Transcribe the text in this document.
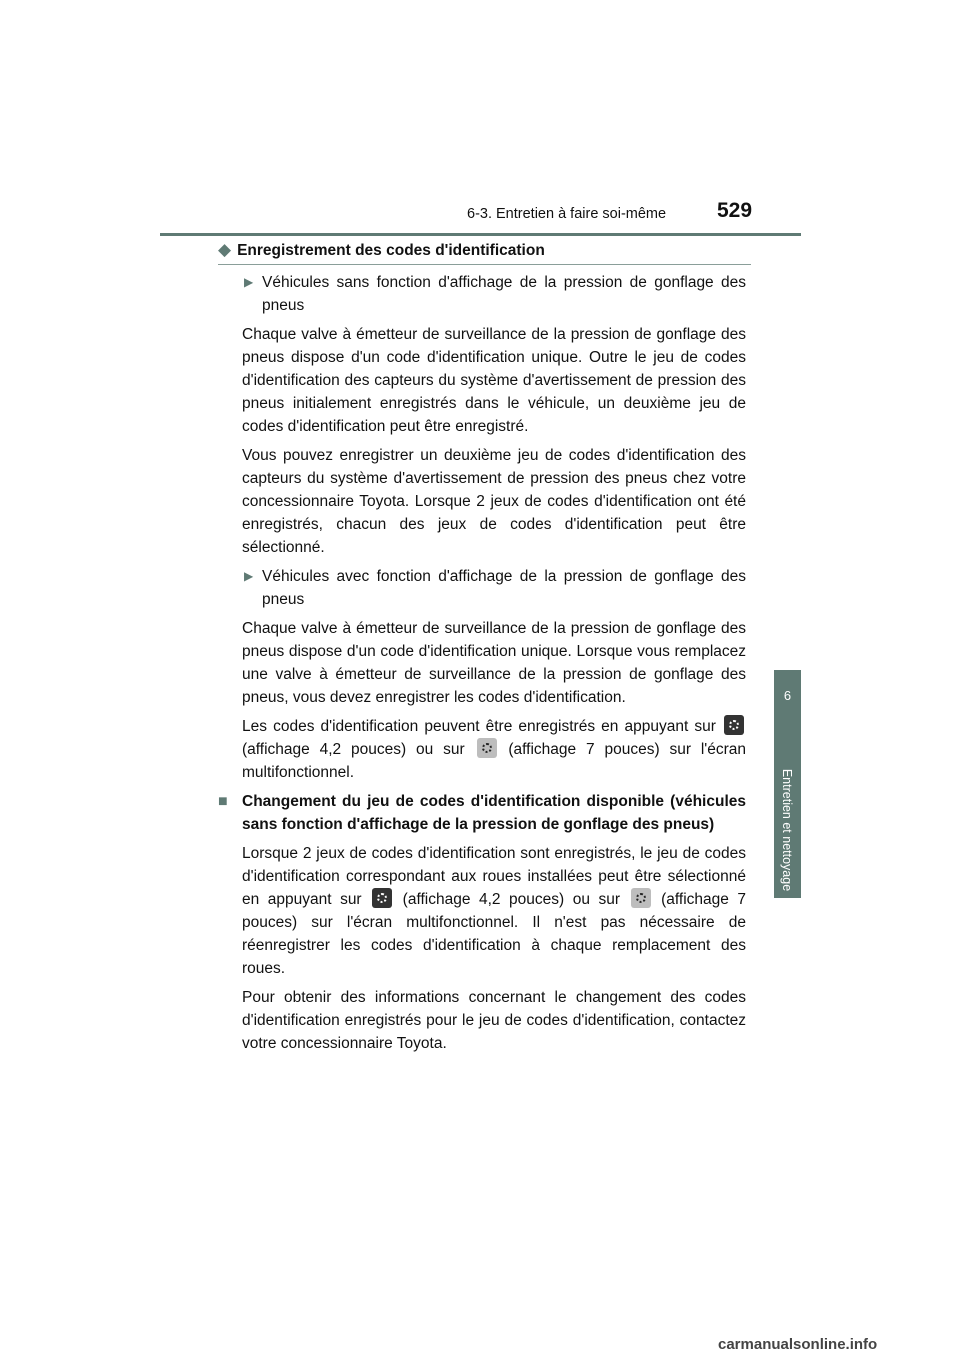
6-3. Entretien à faire soi-même 529
6
Entretien et nettoyage
◆ Enregistrement des codes d'identification
▶ Véhicules sans fonction d'affichage de la pression de gonflage des pneus

Chaque valve à émetteur de surveillance de la pression de gonflage des pneus dispose d'un code d'identification unique. Outre le jeu de codes d'identification des capteurs du système d'avertissement de pression des pneus initialement enregistrés dans le véhicule, un deuxième jeu de codes d'identification peut être enregistré.

Vous pouvez enregistrer un deuxième jeu de codes d'identification des capteurs du système d'avertissement de pression des pneus chez votre concessionnaire Toyota. Lorsque 2 jeux de codes d'identification ont été enregistrés, chacun des jeux de codes d'identification peut être sélectionné.

▶ Véhicules avec fonction d'affichage de la pression de gonflage des pneus

Chaque valve à émetteur de surveillance de la pression de gonflage des pneus dispose d'un code d'identification unique. Lorsque vous remplacez une valve à émetteur de surveillance de la pression de gonflage des pneus, vous devez enregistrer les codes d'identification.

Les codes d'identification peuvent être enregistrés en appuyant sur  (affichage 4,2 pouces) ou sur	(affichage 7 pouces) sur l'écran multifonctionnel.

■ Changement du jeu de codes d'identification disponible (véhicules sans fonction d'affichage de la pression de gonflage des pneus)

Lorsque 2 jeux de codes d'identification sont enregistrés, le jeu de codes d'identification correspondant aux roues installées peut être sélectionné en appuyant sur	(affichage 4,2 pouces) ou sur	(affichage 7 pouces) sur l'écran multifonctionnel. Il n'est pas nécessaire de réenregistrer les codes d'identification à chaque remplacement des roues.

Pour obtenir des informations concernant le changement des codes d'identification enregistrés pour le jeu de codes d'identification, contactez votre concessionnaire Toyota.

carmanualsonline.info
